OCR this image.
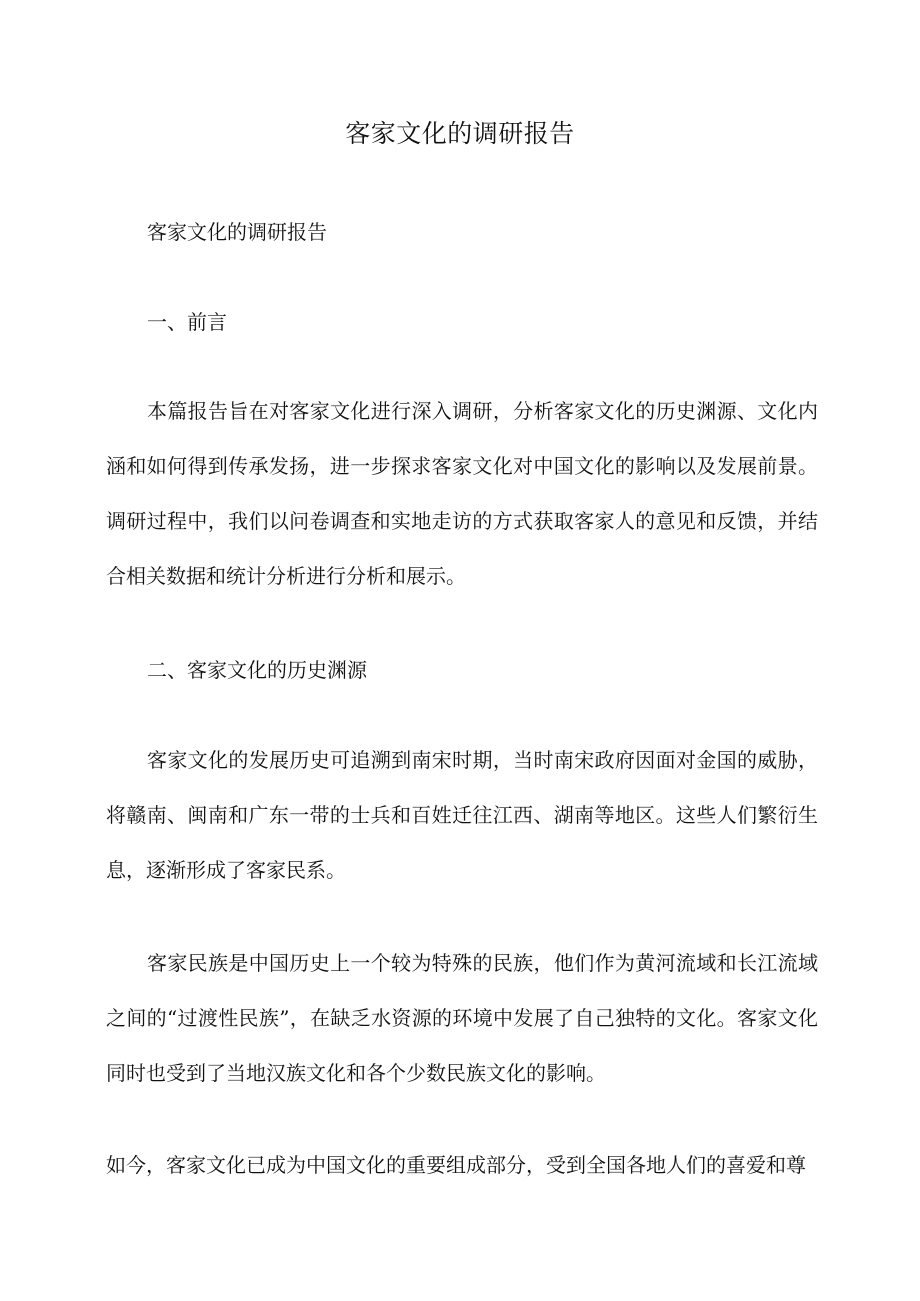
客家文化的调研报告

客家文化的调研报告

一、前言

本篇报告旨在对客家文化进行深入调研，分析客家文化的历史渊源、文化内涵和如何得到传承发扬，进一步探求客家文化对中国文化的影响以及发展前景。调研过程中，我们以问卷调查和实地走访的方式获取客家人的意见和反馈，并结合相关数据和统计分析进行分析和展示。

二、客家文化的历史渊源

客家文化的发展历史可追溯到南宋时期，当时南宋政府因面对金国的威胁，将赣南、闽南和广东一带的士兵和百姓迁往江西、湖南等地区。这些人们繁衍生息，逐渐形成了客家民系。

客家民族是中国历史上一个较为特殊的民族，他们作为黄河流域和长江流域之间的“过渡性民族”，在缺乏水资源的环境中发展了自己独特的文化。客家文化同时也受到了当地汉族文化和各个少数民族文化的影响。

如今，客家文化已成为中国文化的重要组成部分，受到全国各地人们的喜爱和尊
